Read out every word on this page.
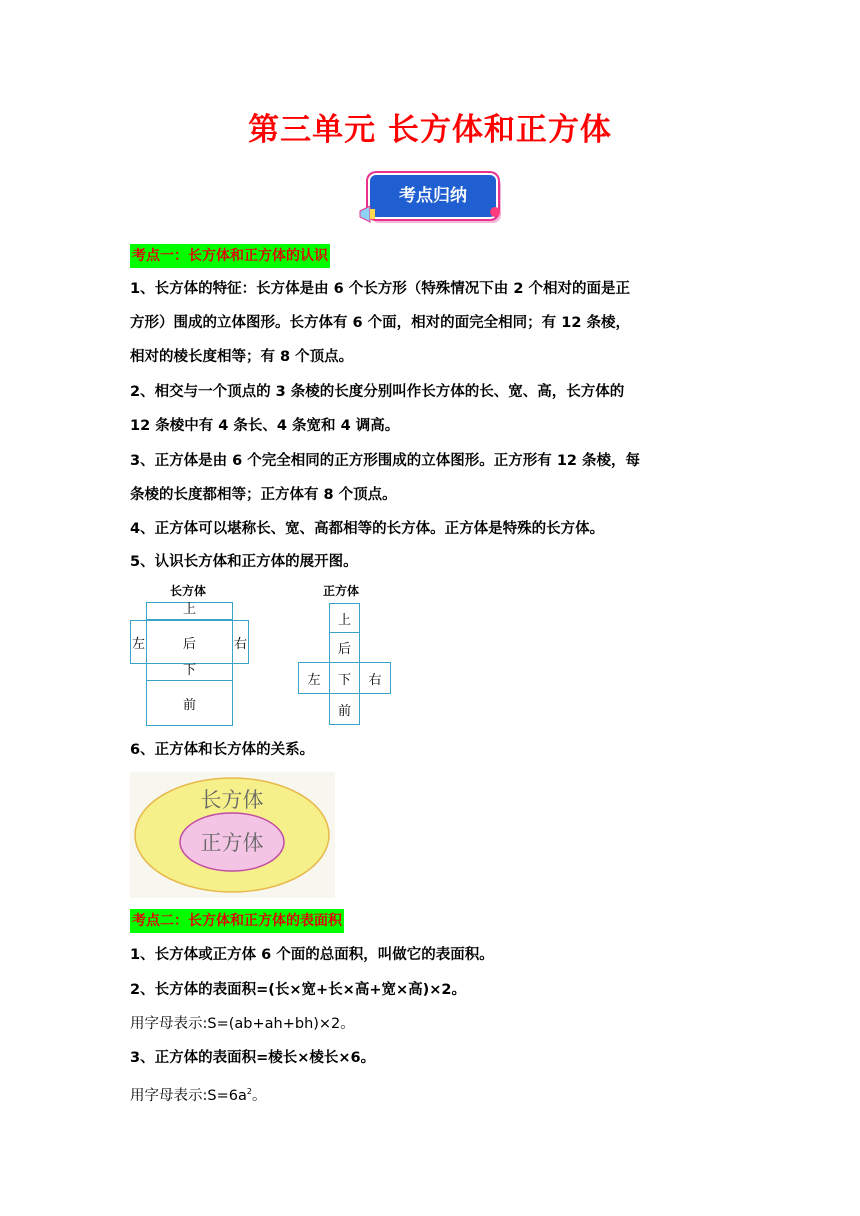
第三单元 长方体和正方体
考点归纳
考点一：长方体和正方体的认识
1、长方体的特征：长方体是由 6 个长方形（特殊情况下由 2 个相对的面是正
方形）围成的立体图形。长方体有 6 个面，相对的面完全相同；有 12 条棱，
相对的棱长度相等；有 8 个顶点。
2、相交与一个顶点的 3 条棱的长度分别叫作长方体的长、宽、高，长方体的
12 条棱中有 4 条长、4 条宽和 4 调高。
3、正方体是由 6 个完全相同的正方形围成的立体图形。正方形有 12 条棱，每
条棱的长度都相等；正方体有 8 个顶点。
4、正方体可以堪称长、宽、高都相等的长方体。正方体是特殊的长方体。
5、认识长方体和正方体的展开图。
长方体
上
左	后	右
下
前
正方体
上
后
左 下 右
前
6、正方体和长方体的关系。
长方体
正方体
考点二：长方体和正方体的表面积
1、长方体或正方体 6 个面的总面积，叫做它的表面积。
2、长方体的表面积=(长×宽+长×高+宽×高)×2。
用字母表示:S=(ab+ah+bh)×2。
3、正方体的表面积=棱长×棱长×6。
用字母表示$:S=6a^2$。
